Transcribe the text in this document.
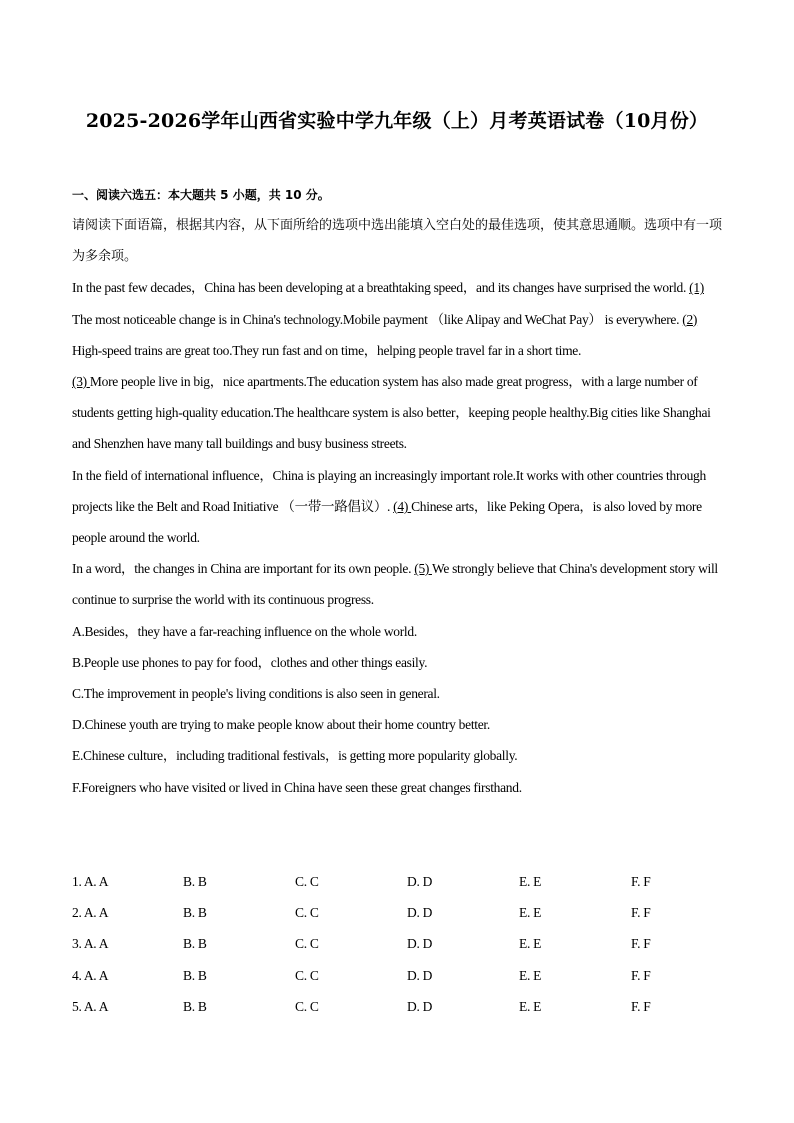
2025-2026学年山西省实验中学九年级（上）月考英语试卷（10月份）
一、阅读六选五：本大题共 5 小题，共 10 分。

请阅读下面语篇，根据其内容，从下面所给的选项中选出能填入空白处的最佳选项，使其意思通顺。选项中有一项为多余项。

In the past few decades，China has been developing at a breathtaking speed，and its changes have surprised the world. (1)

The most noticeable change is in China's technology.Mobile payment （like Alipay and WeChat Pay） is everywhere. (2) High-speed trains are great too.They run fast and on time，helping people travel far in a short time.

(3) More people live in big，nice apartments.The education system has also made great progress，with a large number of students getting high-quality education.The healthcare system is also better，keeping people healthy.Big cities like Shanghai and Shenzhen have many tall buildings and busy business streets.

In the field of international influence，China is playing an increasingly important role.It works with other countries through projects like the Belt and Road Initiative （一带一路倡议）. (4) Chinese arts，like Peking Opera，is also loved by more people around the world.

In a word，the changes in China are important for its own people. (5) We strongly believe that China's development story will continue to surprise the world with its continuous progress.

A.Besides，they have a far-reaching influence on the whole world.

B.People use phones to pay for food，clothes and other things easily.

C.The improvement in people's living conditions is also seen in general.

D.Chinese youth are trying to make people know about their home country better.

E.Chinese culture，including traditional festivals，is getting more popularity globally.

F.Foreigners who have visited or lived in China have seen these great changes firsthand.

1. A. A	B. B	C. C	D. D	E. E	F. F
2. A. A	B. B	C. C	D. D	E. E	F. F
3. A. A	B. B	C. C	D. D	E. E	F. F
4. A. A	B. B	C. C	D. D	E. E	F. F
5. A. A	B. B	C. C	D. D	E. E	F. F
